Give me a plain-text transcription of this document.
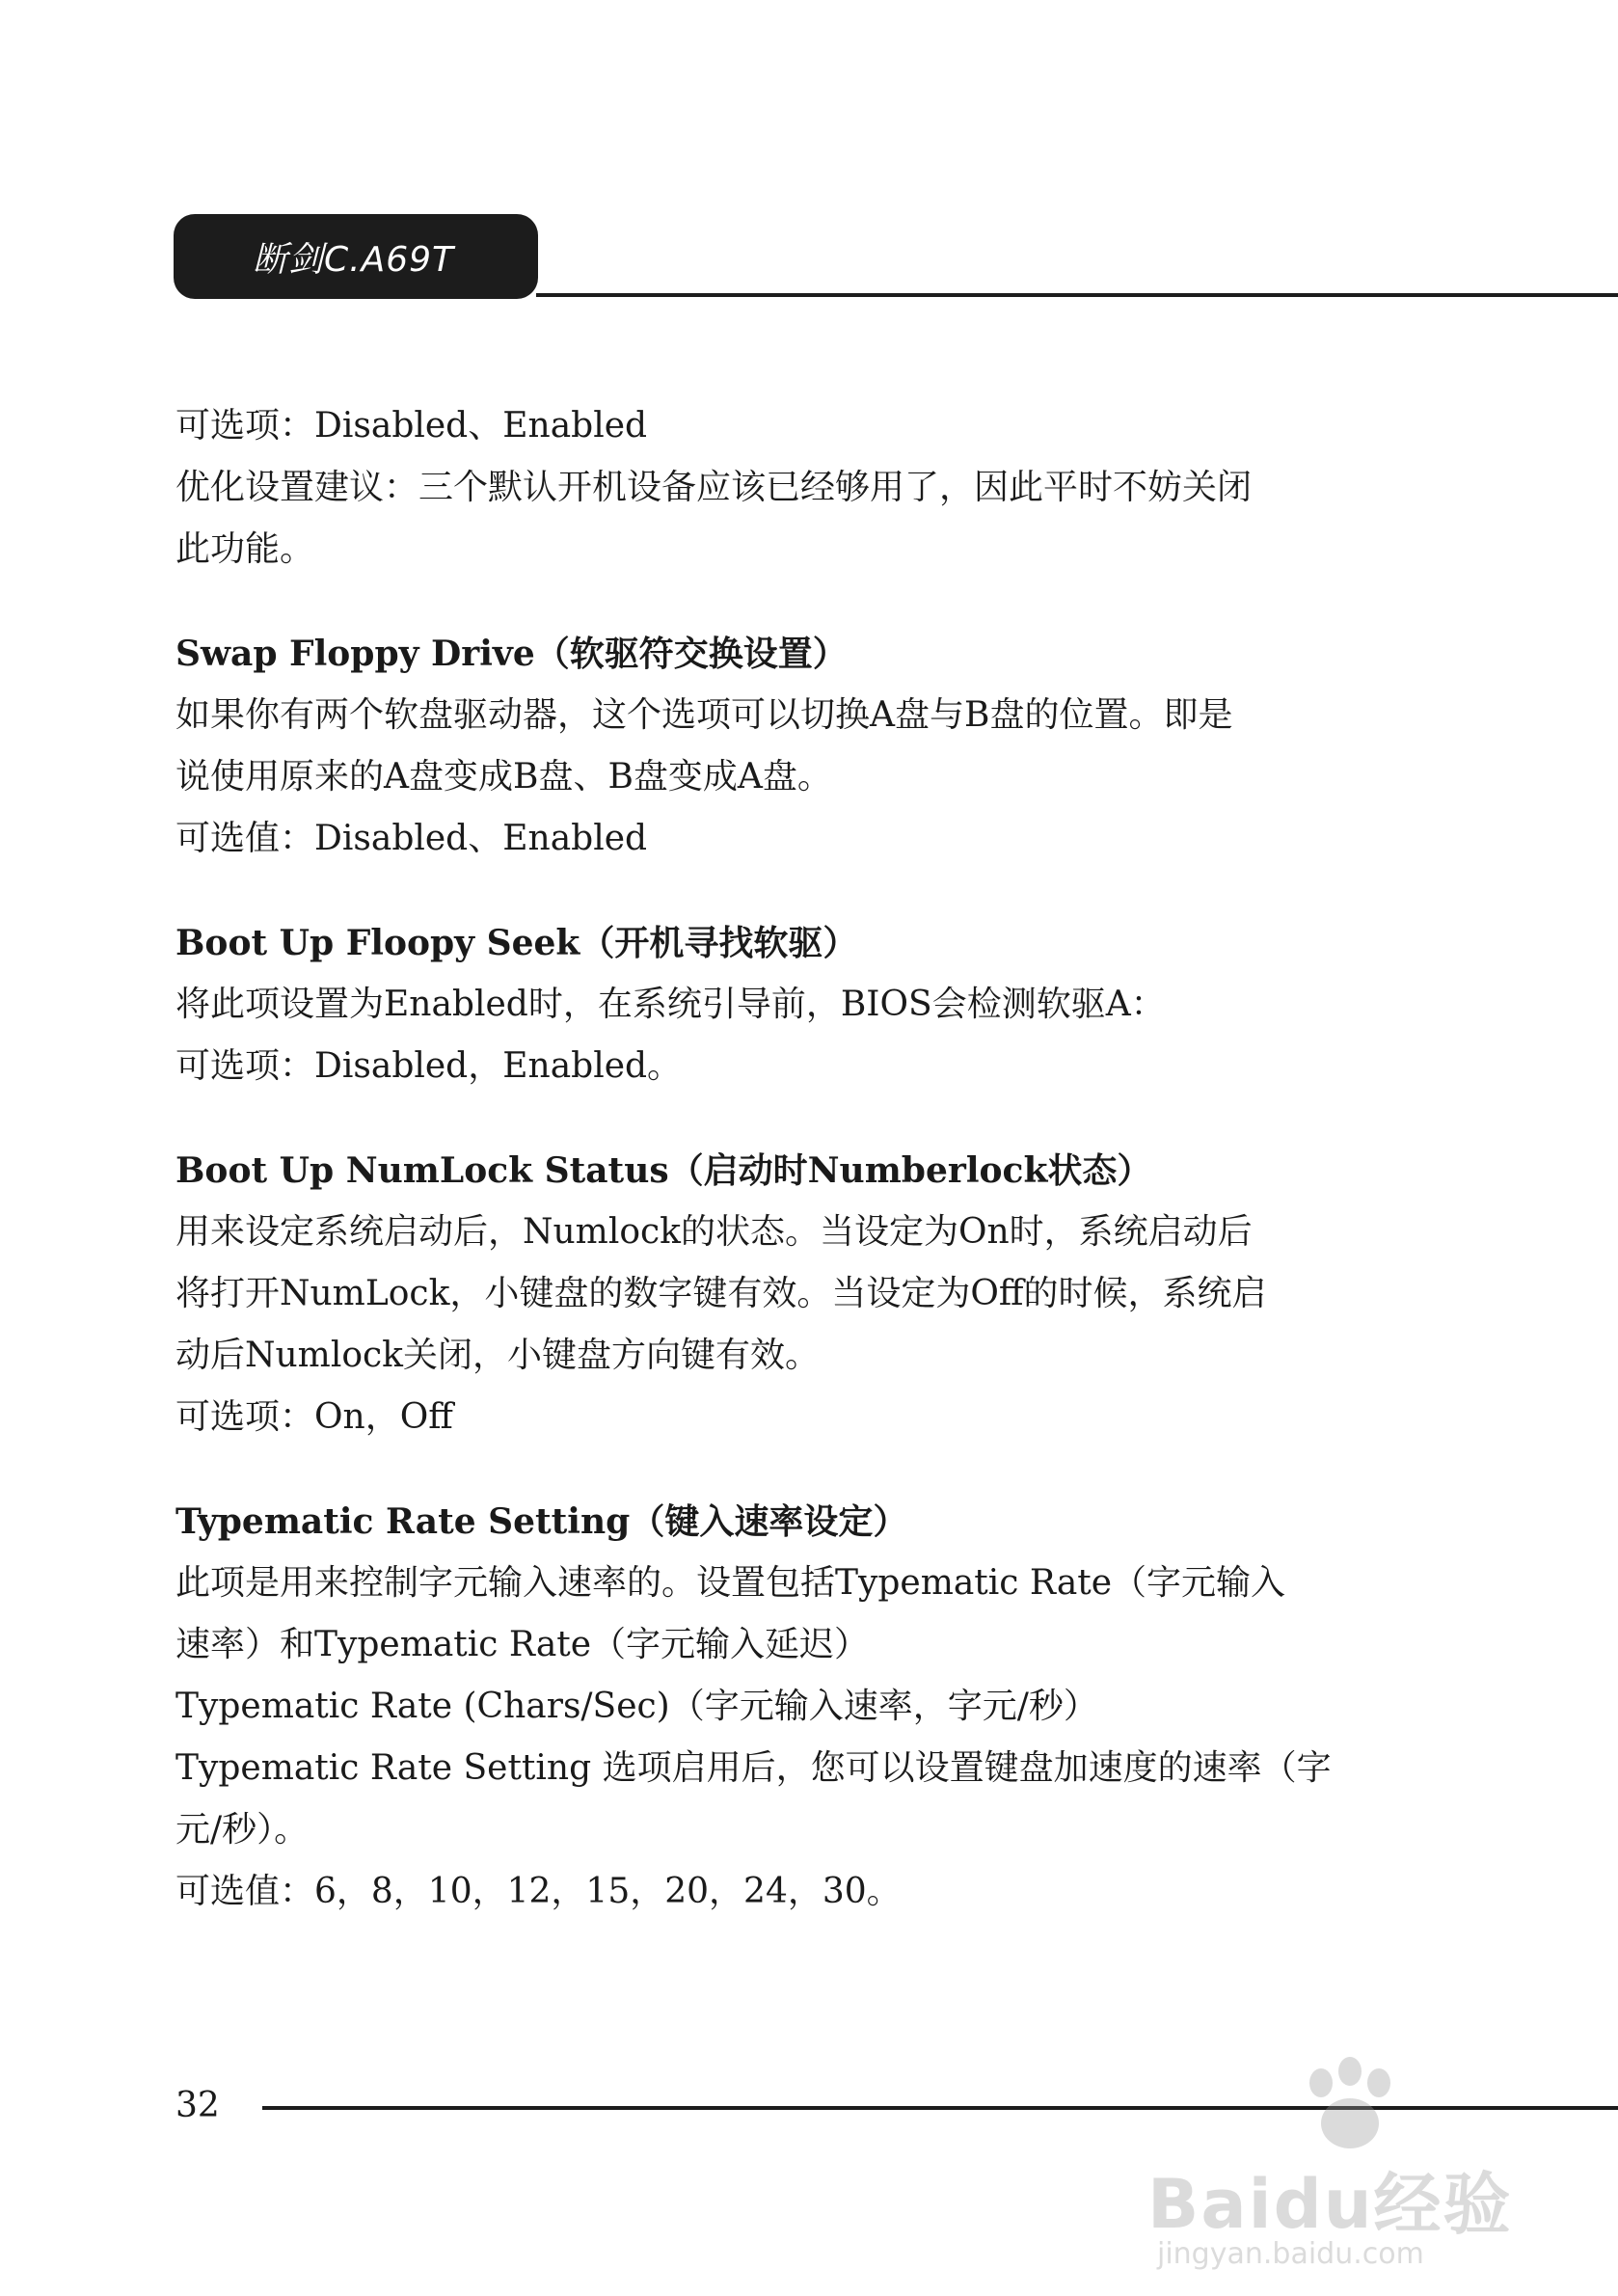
断剑C.A69T
可选项：Disabled、Enabled
优化设置建议：三个默认开机设备应该已经够用了，因此平时不妨关闭
此功能。
Swap Floppy Drive（软驱符交换设置）
如果你有两个软盘驱动器，这个选项可以切换A盘与B盘的位置。即是
说使用原来的A盘变成B盘、B盘变成A盘。
可选值：Disabled、Enabled
Boot Up Floopy Seek（开机寻找软驱）
将此项设置为Enabled时，在系统引导前，BIOS会检测软驱A：
可选项：Disabled，Enabled。
Boot Up NumLock Status（启动时Numberlock状态）
用来设定系统启动后，Numlock的状态。当设定为On时，系统启动后
将打开NumLock，小键盘的数字键有效。当设定为Off的时候，系统启
动后Numlock关闭，小键盘方向键有效。
可选项：On，Off
Typematic Rate Setting（键入速率设定）
此项是用来控制字元输入速率的。设置包括Typematic Rate（字元输入
速率）和Typematic Rate（字元输入延迟）
Typematic Rate (Chars/Sec)（字元输入速率，字元/秒）
Typematic Rate Setting 选项启用后，您可以设置键盘加速度的速率（字
元/秒）。
可选值：6，8，10，12，15，20，24，30。
32
Baidu经验
jingyan.baidu.com
